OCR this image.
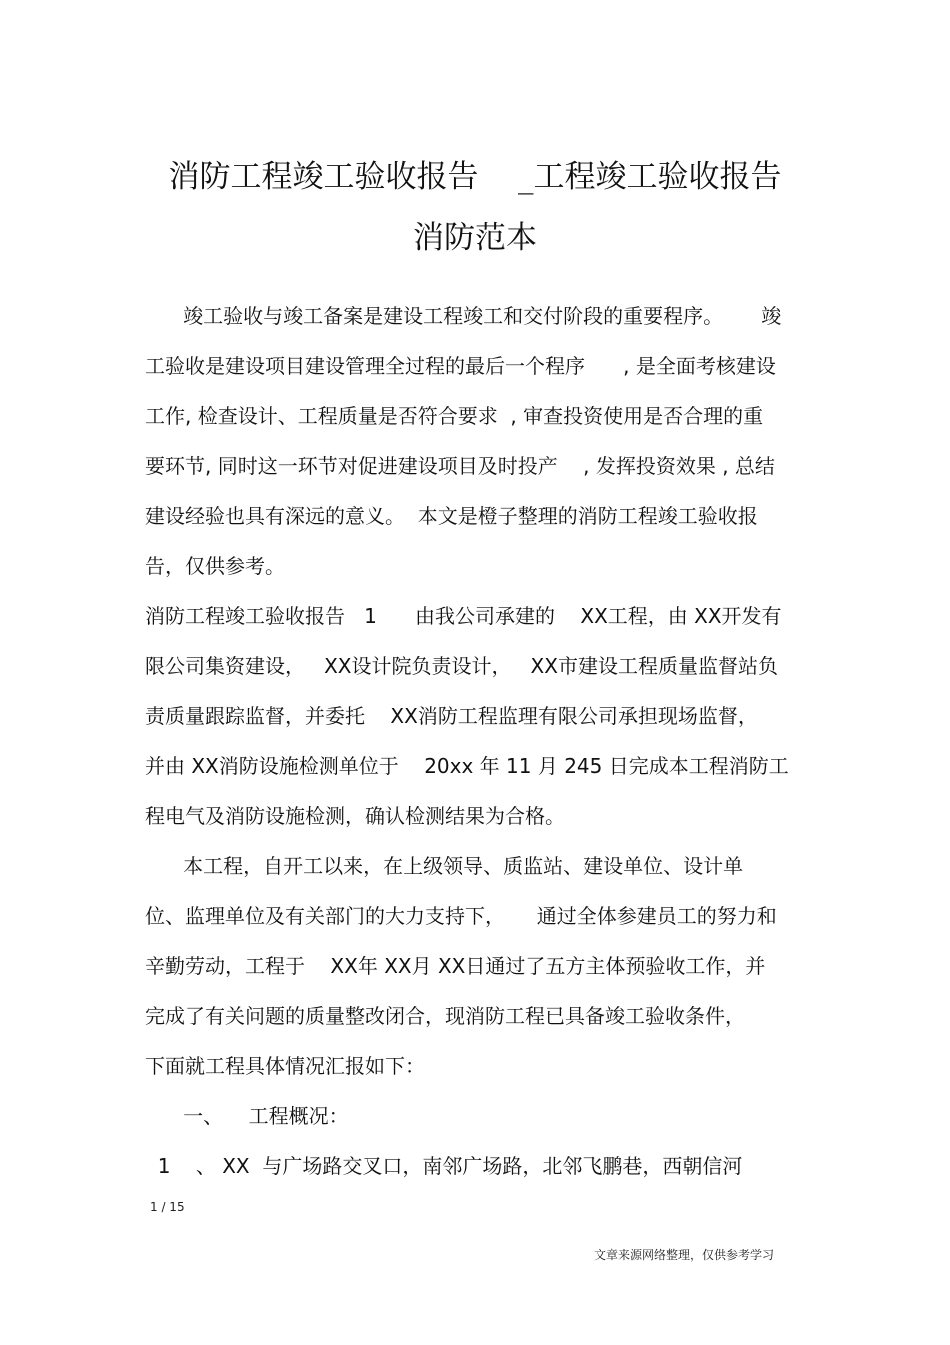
消防工程竣工验收报告    _工程竣工验收报告
消防范本
竣工验收与竣工备案是建设工程竣工和交付阶段的重要程序。      竣
工验收是建设项目建设管理全过程的最后一个程序      , 是全面考核建设
工作, 检查设计、工程质量是否符合要求  , 审查投资使用是否合理的重
要环节, 同时这一环节对促进建设项目及时投产    , 发挥投资效果 , 总结
建设经验也具有深远的意义。  本文是橙子整理的消防工程竣工验收报
告，仅供参考。
消防工程竣工验收报告   1      由我公司承建的    XX工程，由 XX开发有
限公司集资建设，   XX设计院负责设计，   XX市建设工程质量监督站负
责质量跟踪监督，并委托    XX消防工程监理有限公司承担现场监督，
并由 XX消防设施检测单位于    20xx 年 11 月 245 日完成本工程消防工
程电气及消防设施检测，确认检测结果为合格。
本工程，自开工以来，在上级领导、质监站、建设单位、设计单
位、监理单位及有关部门的大力支持下，     通过全体参建员工的努力和
辛勤劳动，工程于    XX年 XX月 XX日通过了五方主体预验收工作，并
完成了有关问题的质量整改闭合，现消防工程已具备竣工验收条件，
下面就工程具体情况汇报如下：
一、    工程概况：
1    、 XX  与广场路交叉口，南邻广场路，北邻飞鹏巷，西朝信河
1 / 15
文章来源网络整理，仅供参考学习
